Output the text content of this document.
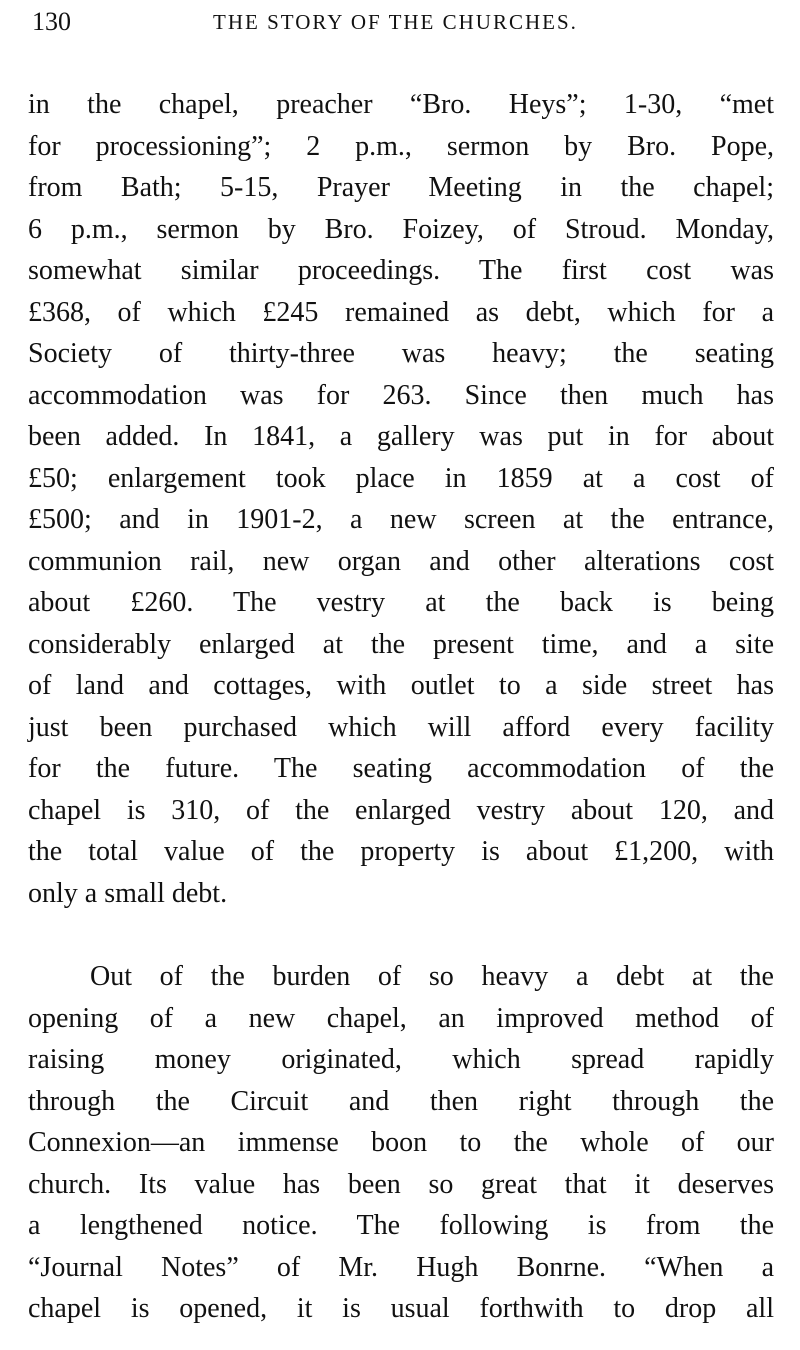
130	THE STORY OF THE CHURCHES.
in the chapel, preacher “Bro. Heys”; 1-30, “met
for processioning”; 2 p.m., sermon by Bro. Pope,
from Bath; 5-15, Prayer Meeting in the chapel;
6 p.m., sermon by Bro. Foizey, of Stroud. Monday,
somewhat similar proceedings. The first cost was
£368, of which £245 remained as debt, which for a
Society of thirty-three was heavy; the seating
accommodation was for 263. Since then much has
been added. In 1841, a gallery was put in for about
£50; enlargement took place in 1859 at a cost of
£500; and in 1901-2, a new screen at the entrance,
communion rail, new organ and other alterations cost
about £260. The vestry at the back is being
considerably enlarged at the present time, and a site
of land and cottages, with outlet to a side street has
just been purchased which will afford every facility
for the future. The seating accommodation of the
chapel is 310, of the enlarged vestry about 120, and
the total value of the property is about £1,200, with
only a small debt.
Out of the burden of so heavy a debt at the
opening of a new chapel, an improved method of
raising money originated, which spread rapidly
through the Circuit and then right through the
Connexion—an immense boon to the whole of our
church. Its value has been so great that it deserves
a lengthened notice. The following is from the
“Journal Notes” of Mr. Hugh Bonrne. “When a
chapel is opened, it is usual forthwith to drop all
